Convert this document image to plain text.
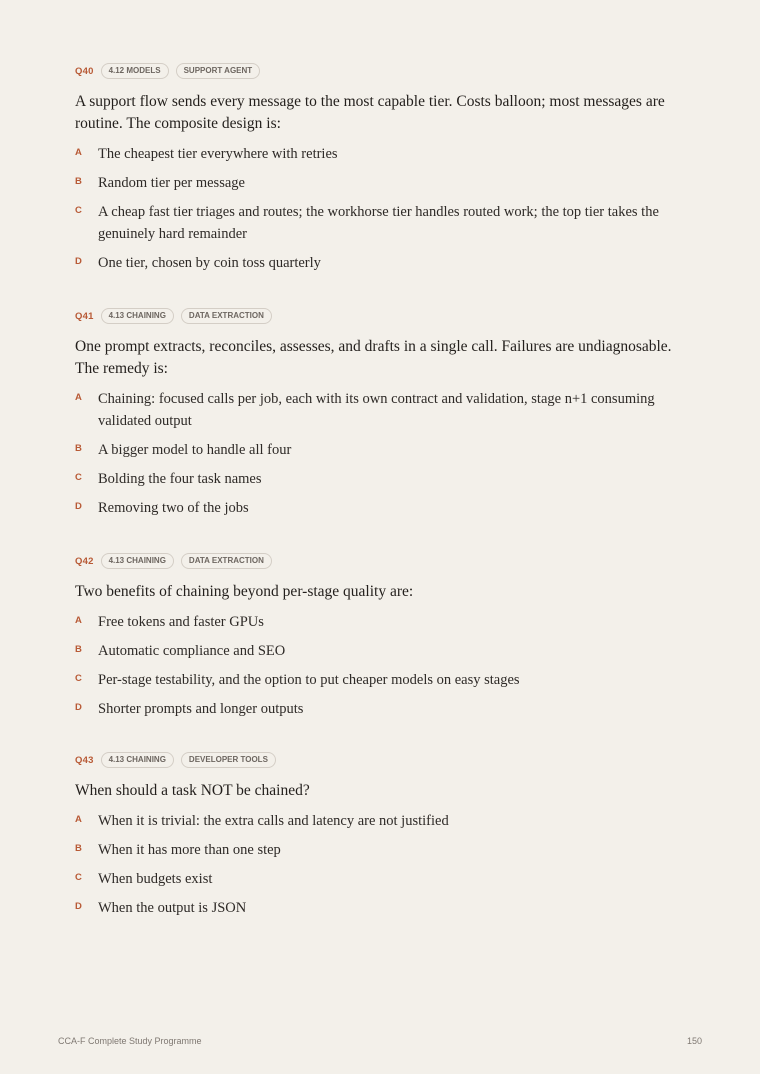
Q40	4.12 MODELS	SUPPORT AGENT

A support flow sends every message to the most capable tier. Costs balloon; most messages are routine. The composite design is:

A	The cheapest tier everywhere with retries
B	Random tier per message
C	A cheap fast tier triages and routes; the workhorse tier handles routed work; the top tier takes the genuinely hard remainder
D	One tier, chosen by coin toss quarterly
Q41	4.13 CHAINING	DATA EXTRACTION

One prompt extracts, reconciles, assesses, and drafts in a single call. Failures are undiagnosable. The remedy is:

A	Chaining: focused calls per job, each with its own contract and validation, stage n+1 consuming validated output
B	A bigger model to handle all four
C	Bolding the four task names
D	Removing two of the jobs
Q42	4.13 CHAINING	DATA EXTRACTION

Two benefits of chaining beyond per-stage quality are:

A	Free tokens and faster GPUs
B	Automatic compliance and SEO
C	Per-stage testability, and the option to put cheaper models on easy stages
D	Shorter prompts and longer outputs
Q43	4.13 CHAINING	DEVELOPER TOOLS

When should a task NOT be chained?

A	When it is trivial: the extra calls and latency are not justified
B	When it has more than one step
C	When budgets exist
D	When the output is JSON
CCA-F Complete Study Programme	150
